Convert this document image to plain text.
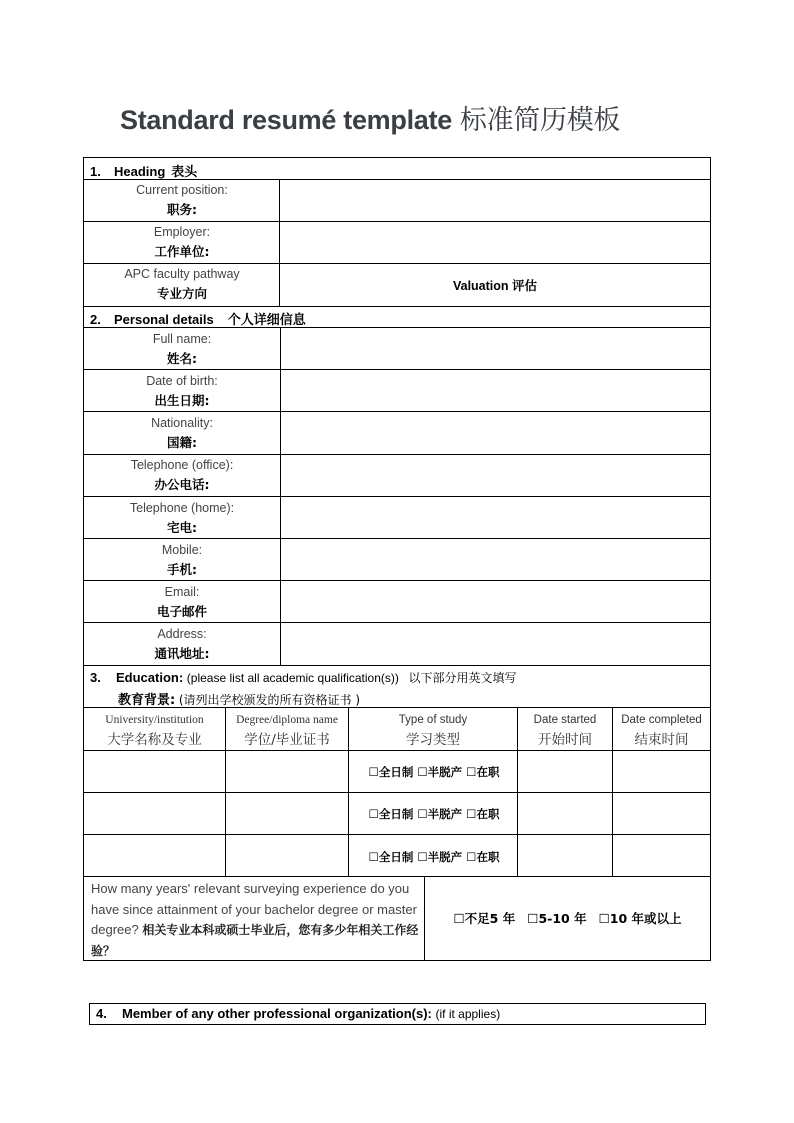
Standard resumé template 标准简历模板
1. Heading 表头
Current position:
职务:
Employer:
工作单位:
APC faculty pathway
专业方向	Valuation 评估
2. Personal details 个人详细信息
Full name:
姓名:
Date of birth:
出生日期:
Nationality:
国籍:
Telephone (office):
办公电话:
Telephone (home):
宅电:
Mobile:
手机:
Email:
电子邮件
Address:
通讯地址:
3. Education: (please list all academic qualification(s)) 以下部分用英文填写
教育背景: (请列出学校颁发的所有资格证书 )
University/institution
大学名称及专业
Degree/diploma name
学位/毕业证书
Type of study
学习类型
Date started
开始时间
Date completed
结束时间
☐全日制 ☐半脱产 ☐在职
☐全日制 ☐半脱产 ☐在职
☐全日制 ☐半脱产 ☐在职
How many years' relevant surveying experience do you have since attainment of your bachelor degree or master degree? 相关专业本科或硕士毕业后，您有多少年相关工作经验？
☐不足5 年 ☐5-10 年 ☐10 年或以上
4. Member of any other professional organization(s): (if it applies)
